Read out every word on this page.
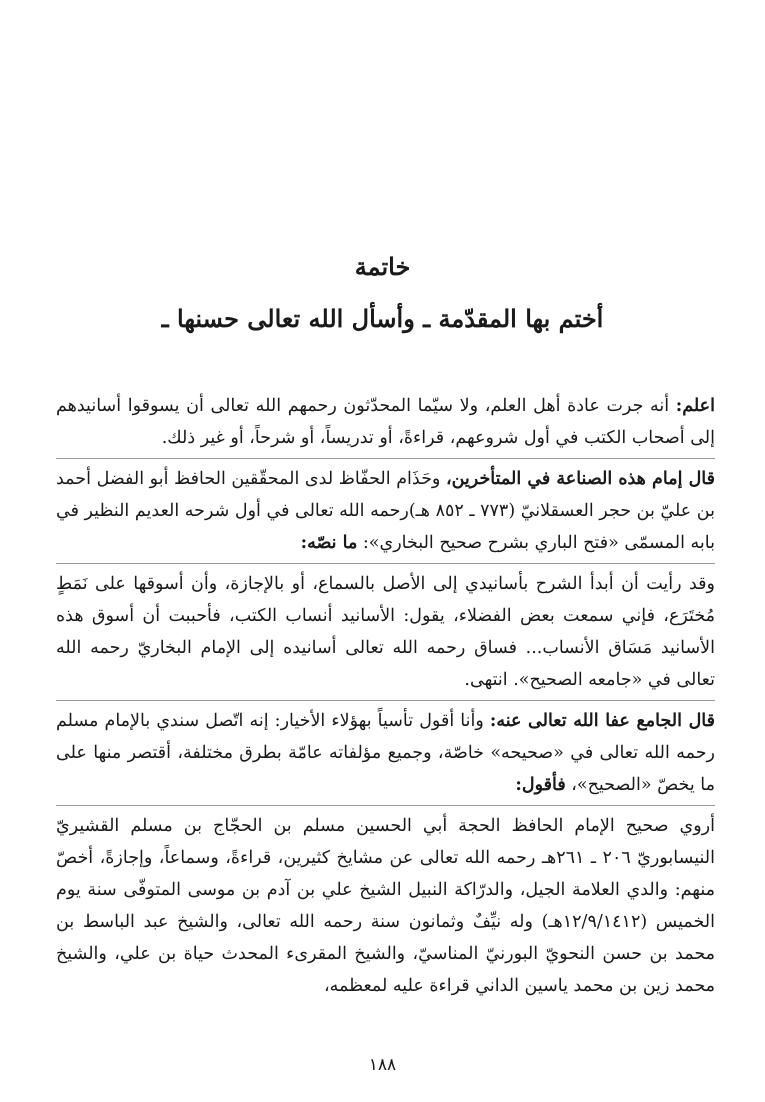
خاتمة
أختم بها المقدّمة ـ وأسأل الله تعالى حسنها ـ

اعلم: أنه جرت عادة أهل العلم، ولا سيّما المحدّثون رحمهم الله تعالى أن يسوقوا أسانيدهم إلى أصحاب الكتب في أول شروعهم، قراءةً، أو تدريساً، أو شرحاً، أو غير ذلك.

قال إمام هذه الصناعة في المتأخرين، وحَذَام الحفّاظ لدى المحقّقين الحافظ أبو الفضل أحمد بن عليّ بن حجر العسقلانيّ (٧٧٣ ـ ٨٥٢ هـ)رحمه الله تعالى في أول شرحه العديم النظير في بابه المسمّى «فتح الباري بشرح صحيح البخاري»: ما نصّه:

وقد رأيت أن أبدأ الشرح بأسانيدي إلى الأصل بالسماع، أو بالإجازة، وأن أسوقها على نَمَطٍ مُختَرَع، فإني سمعت بعض الفضلاء، يقول: الأسانيد أنساب الكتب، فأحببت أن أسوق هذه الأسانيد مَسَاق الأنساب... فساق رحمه الله تعالى أسانيده إلى الإمام البخاريّ رحمه الله تعالى في «جامعه الصحيح». انتهى.

قال الجامع عفا الله تعالى عنه: وأنا أقول تأسياً بهؤلاء الأخيار: إنه اتّصل سندي بالإمام مسلم رحمه الله تعالى في «صحيحه» خاصّة، وجميع مؤلفاته عامّة بطرق مختلفة، أقتصر منها على ما يخصّ «الصحيح»، فأقول:

أروي صحيح الإمام الحافظ الحجة أبي الحسين مسلم بن الحجّاج بن مسلم القشيريّ النيسابوريّ ٢٠٦ ـ ٢٦١هـ رحمه الله تعالى عن مشايخ كثيرين، قراءةً، وسماعاً، وإجازةً، أخصّ منهم: والدي العلامة الجيل، والدرّاكة النبيل الشيخ علي بن آدم بن موسى المتوفّى سنة يوم الخميس (١٢/٩/١٤١٢هـ) وله نيِّفٌ وثمانون سنة رحمه الله تعالى، والشيخ عبد الباسط بن محمد بن حسن النحويّ البورنيّ المناسيّ، والشيخ المقرىء المحدث حياة بن علي، والشيخ محمد زين بن محمد ياسين الداني قراءة عليه لمعظمه،

١٨٨
